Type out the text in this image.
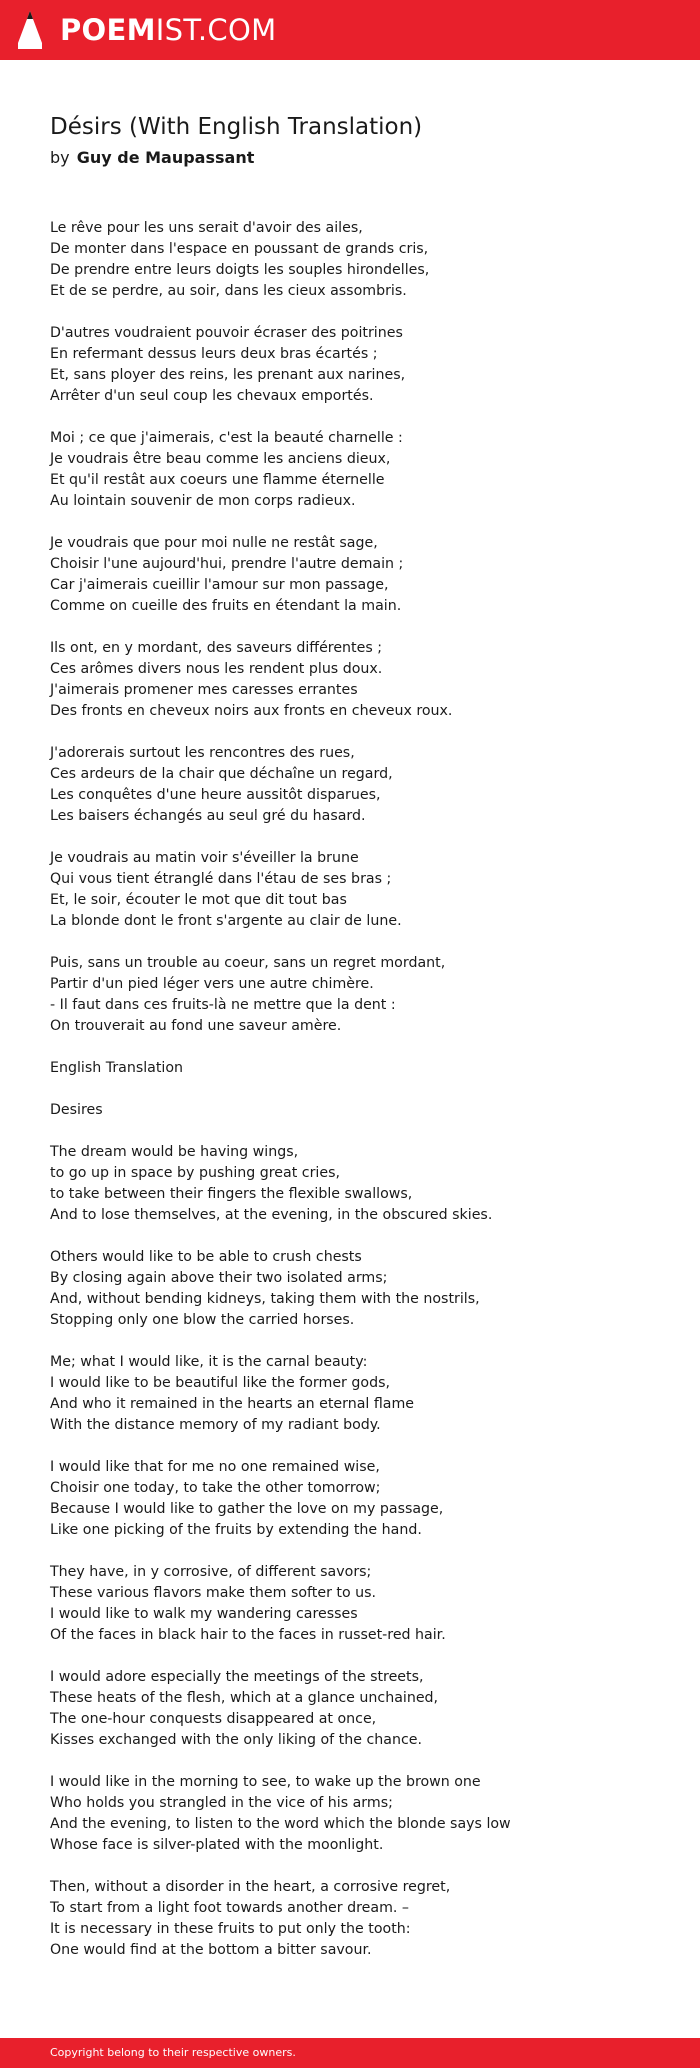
POEMIST.COM
Désirs (With English Translation)
by Guy de Maupassant
Le rêve pour les uns serait d'avoir des ailes,
De monter dans l'espace en poussant de grands cris,
De prendre entre leurs doigts les souples hirondelles,
Et de se perdre, au soir, dans les cieux assombris.
D'autres voudraient pouvoir écraser des poitrines
En refermant dessus leurs deux bras écartés ;
Et, sans ployer des reins, les prenant aux narines,
Arrêter d'un seul coup les chevaux emportés.
Moi ; ce que j'aimerais, c'est la beauté charnelle :
Je voudrais être beau comme les anciens dieux,
Et qu'il restât aux coeurs une flamme éternelle
Au lointain souvenir de mon corps radieux.
Je voudrais que pour moi nulle ne restât sage,
Choisir l'une aujourd'hui, prendre l'autre demain ;
Car j'aimerais cueillir l'amour sur mon passage,
Comme on cueille des fruits en étendant la main.
Ils ont, en y mordant, des saveurs différentes ;
Ces arômes divers nous les rendent plus doux.
J'aimerais promener mes caresses errantes
Des fronts en cheveux noirs aux fronts en cheveux roux.
J'adorerais surtout les rencontres des rues,
Ces ardeurs de la chair que déchaîne un regard,
Les conquêtes d'une heure aussitôt disparues,
Les baisers échangés au seul gré du hasard.
Je voudrais au matin voir s'éveiller la brune
Qui vous tient étranglé dans l'étau de ses bras ;
Et, le soir, écouter le mot que dit tout bas
La blonde dont le front s'argente au clair de lune.
Puis, sans un trouble au coeur, sans un regret mordant,
Partir d'un pied léger vers une autre chimère.
- Il faut dans ces fruits-là ne mettre que la dent :
On trouverait au fond une saveur amère.
English Translation
Desires
The dream would be having wings,
to go up in space by pushing great cries,
to take between their fingers the flexible swallows,
And to lose themselves, at the evening, in the obscured skies.
Others would like to be able to crush chests
By closing again above their two isolated arms;
And, without bending kidneys, taking them with the nostrils,
Stopping only one blow the carried horses.
Me; what I would like, it is the carnal beauty:
I would like to be beautiful like the former gods,
And who it remained in the hearts an eternal flame
With the distance memory of my radiant body.
I would like that for me no one remained wise,
Choisir one today, to take the other tomorrow;
Because I would like to gather the love on my passage,
Like one picking of the fruits by extending the hand.
They have, in y corrosive, of different savors;
These various flavors make them softer to us.
I would like to walk my wandering caresses
Of the faces in black hair to the faces in russet-red hair.
I would adore especially the meetings of the streets,
These heats of the flesh, which at a glance unchained,
The one-hour conquests disappeared at once,
Kisses exchanged with the only liking of the chance.
I would like in the morning to see, to wake up the brown one
Who holds you strangled in the vice of his arms;
And the evening, to listen to the word which the blonde says low
Whose face is silver-plated with the moonlight.
Then, without a disorder in the heart, a corrosive regret,
To start from a light foot towards another dream. –
It is necessary in these fruits to put only the tooth:
One would find at the bottom a bitter savour.
Copyright belong to their respective owners.
